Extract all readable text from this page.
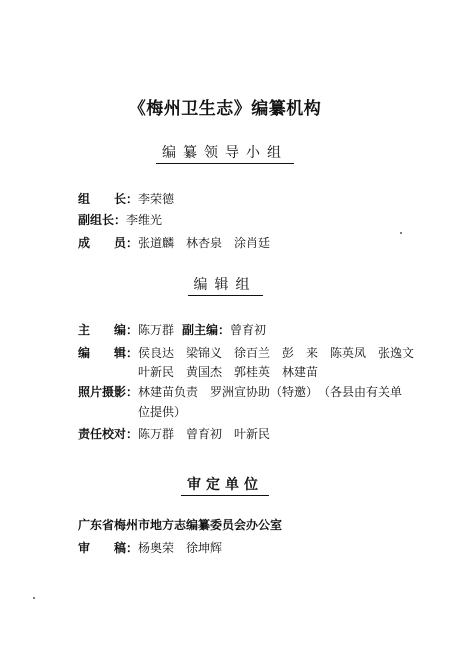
《梅州卫生志》编纂机构
编纂领导小组
组　　长：李荣德
副组长：李维光
成　　员：张道麟　林杏泉　涂肖廷
编辑组
主　　编：陈万群 副主编：曾育初
编　　辑：侯良达　梁锦义　徐百兰　彭　来　陈英凤　张逸文
叶新民　黄国杰　郭桂英　林建苗
照片摄影：林建苗负责　罗洲宣协助（特邀）　（各县由有关单
位提供）
责任校对：陈万群　曾育初　叶新民
审定单位
广东省梅州市地方志编纂委员会办公室
审　　稿：杨奥荣　徐坤辉
